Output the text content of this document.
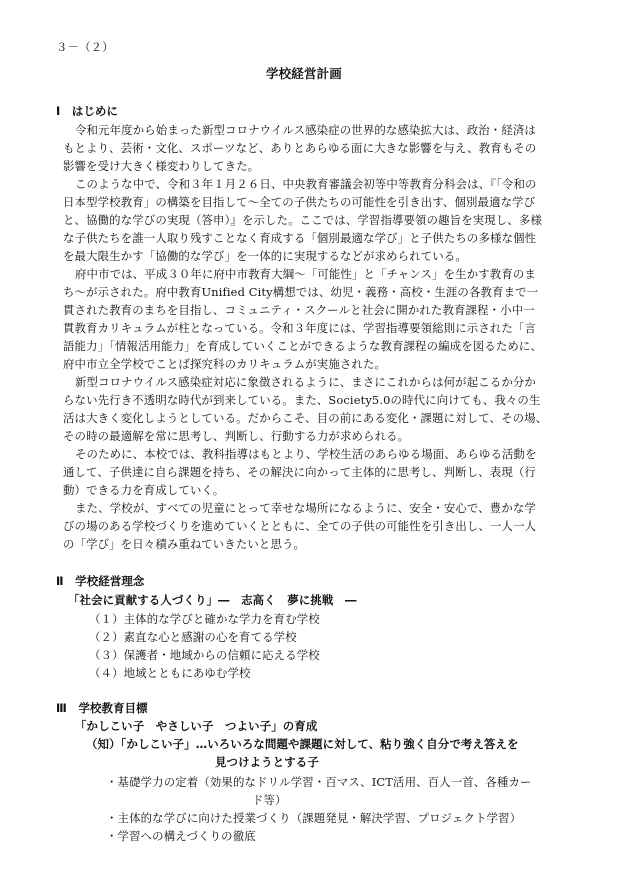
３－（２）
学校経営計画
Ⅰ　はじめに
令和元年度から始まった新型コロナウイルス感染症の世界的な感染拡大は、政治・経済は
もとより、芸術・文化、スポーツなど、ありとあらゆる面に大きな影響を与え、教育もその
影響を受け大きく様変わりしてきた。
このような中で、令和３年１月２６日、中央教育審議会初等中等教育分科会は、『「令和の
日本型学校教育」の構築を目指して～全ての子供たちの可能性を引き出す、個別最適な学び
と、協働的な学びの実現（答申）』を示した。ここでは、学習指導要領の趣旨を実現し、多様
な子供たちを誰一人取り残すことなく育成する「個別最適な学び」と子供たちの多様な個性
を最大限生かす「協働的な学び」を一体的に実現するなどが求められている。
府中市では、平成３０年に府中市教育大綱～「可能性」と「チャンス」を生かす教育のま
ち～が示された。府中教育Unified City構想では、幼児・義務・高校・生涯の各教育まで一
貫された教育のまちを目指し、コミュニティ・スクールと社会に開かれた教育課程・小中一
貫教育カリキュラムが柱となっている。令和３年度には、学習指導要領総則に示された「言
語能力」「情報活用能力」を育成していくことができるような教育課程の編成を図るために、
府中市立全学校でことば探究科のカリキュラムが実施された。
新型コロナウイルス感染症対応に象徴されるように、まさにこれからは何が起こるか分か
らない先行き不透明な時代が到来している。また、Society5.0の時代に向けても、我々の生
活は大きく変化しようとしている。だからこそ、目の前にある変化・課題に対して、その場、
その時の最適解を常に思考し、判断し、行動する力が求められる。
そのために、本校では、教科指導はもとより、学校生活のあらゆる場面、あらゆる活動を
通して、子供達に自ら課題を持ち、その解決に向かって主体的に思考し、判断し、表現（行
動）できる力を育成していく。
また、学校が、すべての児童にとって幸せな場所になるように、安全・安心で、豊かな学
びの場のある学校づくりを進めていくとともに、全ての子供の可能性を引き出し、一人一人
の「学び」を日々積み重ねていきたいと思う。
Ⅱ　学校経営理念
「社会に貢献する人づくり」―　志高く　夢に挑戦　―
（１）主体的な学びと確かな学力を育む学校
（２）素直な心と感謝の心を育てる学校
（３）保護者・地域からの信頼に応える学校
（４）地域とともにあゆむ学校
Ⅲ　学校教育目標
「かしこい子　やさしい子　つよい子」の育成
（知）「かしこい子」…いろいろな問題や課題に対して、粘り強く自分で考え答えを
見つけようとする子
・基礎学力の定着（効果的なドリル学習・百マス、ICT活用、百人一首、各種カー
ド等）
・主体的な学びに向けた授業づくり（課題発見・解決学習、プロジェクト学習）
・学習への構えづくりの徹底
